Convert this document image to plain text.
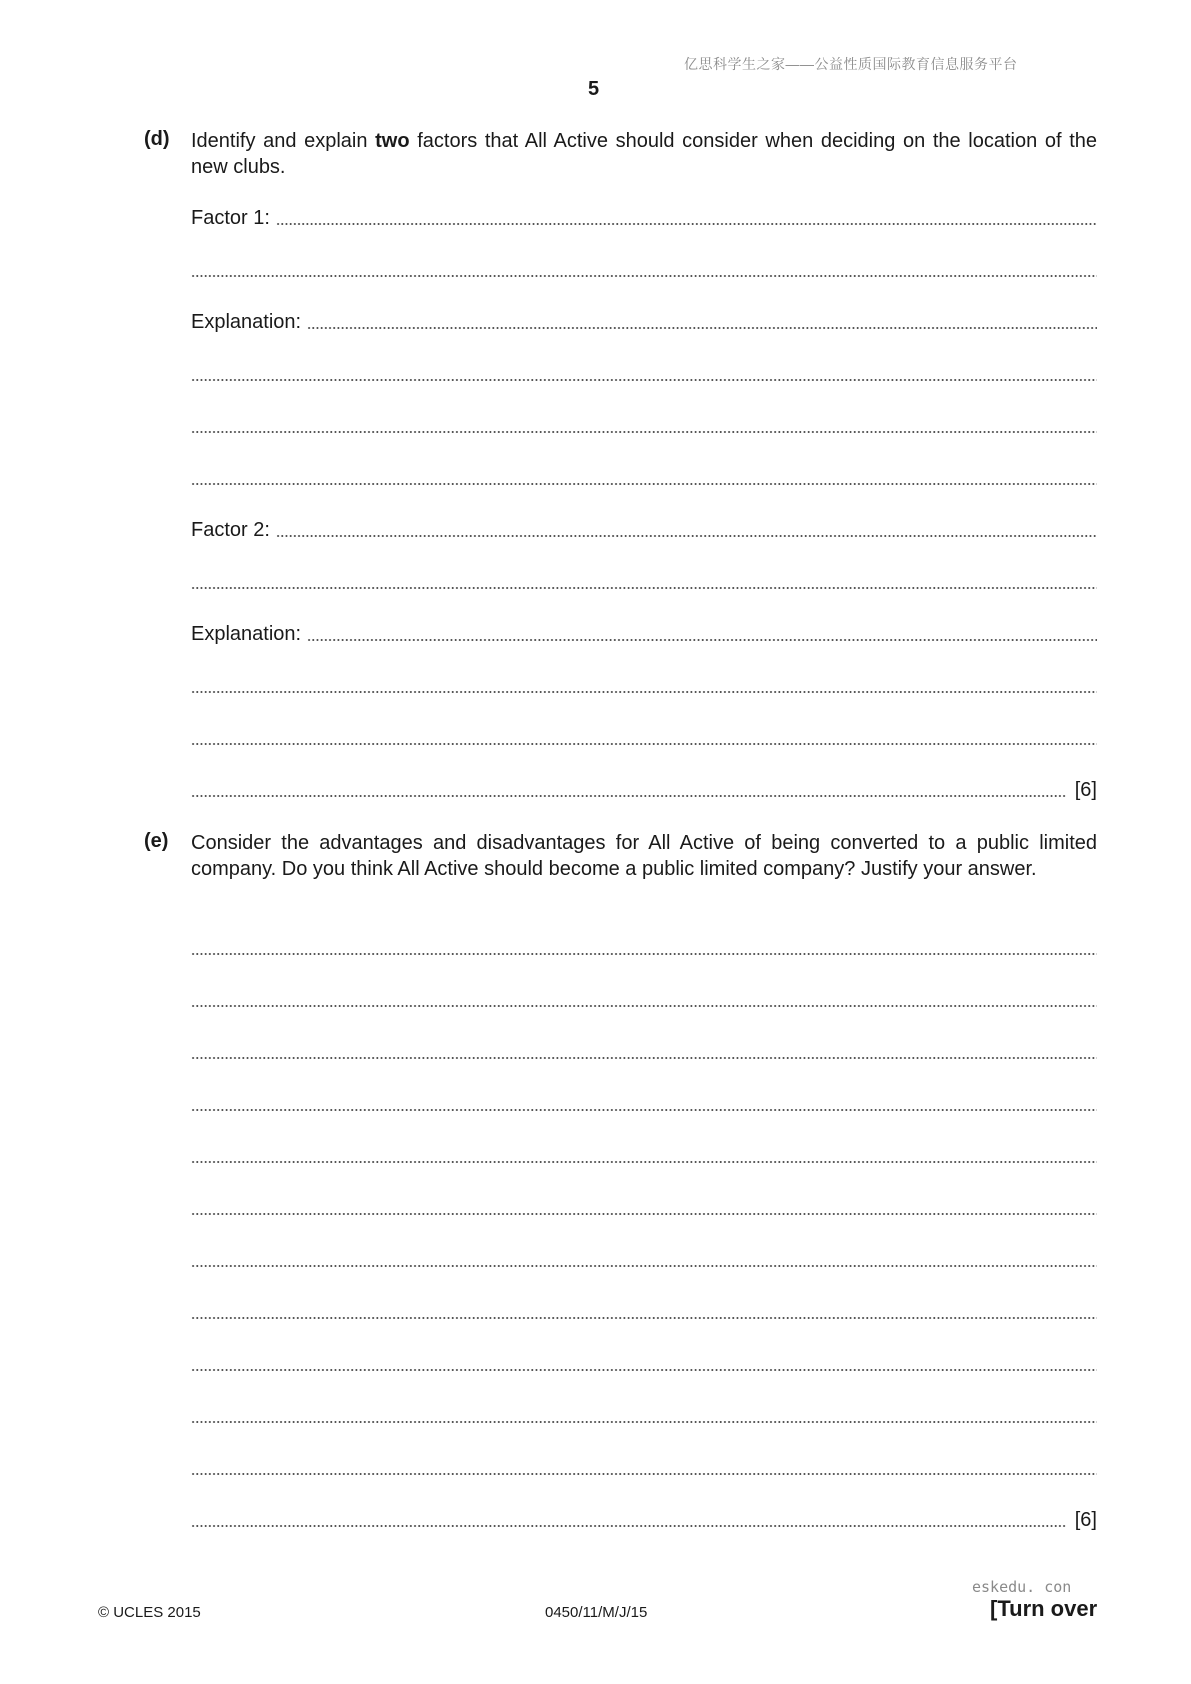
亿思科学生之家——公益性质国际教育信息服务平台
5
(d) Identify and explain two factors that All Active should consider when deciding on the location of the new clubs.
Factor 1:
Explanation:
Factor 2:
Explanation:
[6]
(e) Consider the advantages and disadvantages for All Active of being converted to a public limited company. Do you think All Active should become a public limited company? Justify your answer.
[6]
eskedu. con
© UCLES 2015	0450/11/M/J/15	[Turn over
